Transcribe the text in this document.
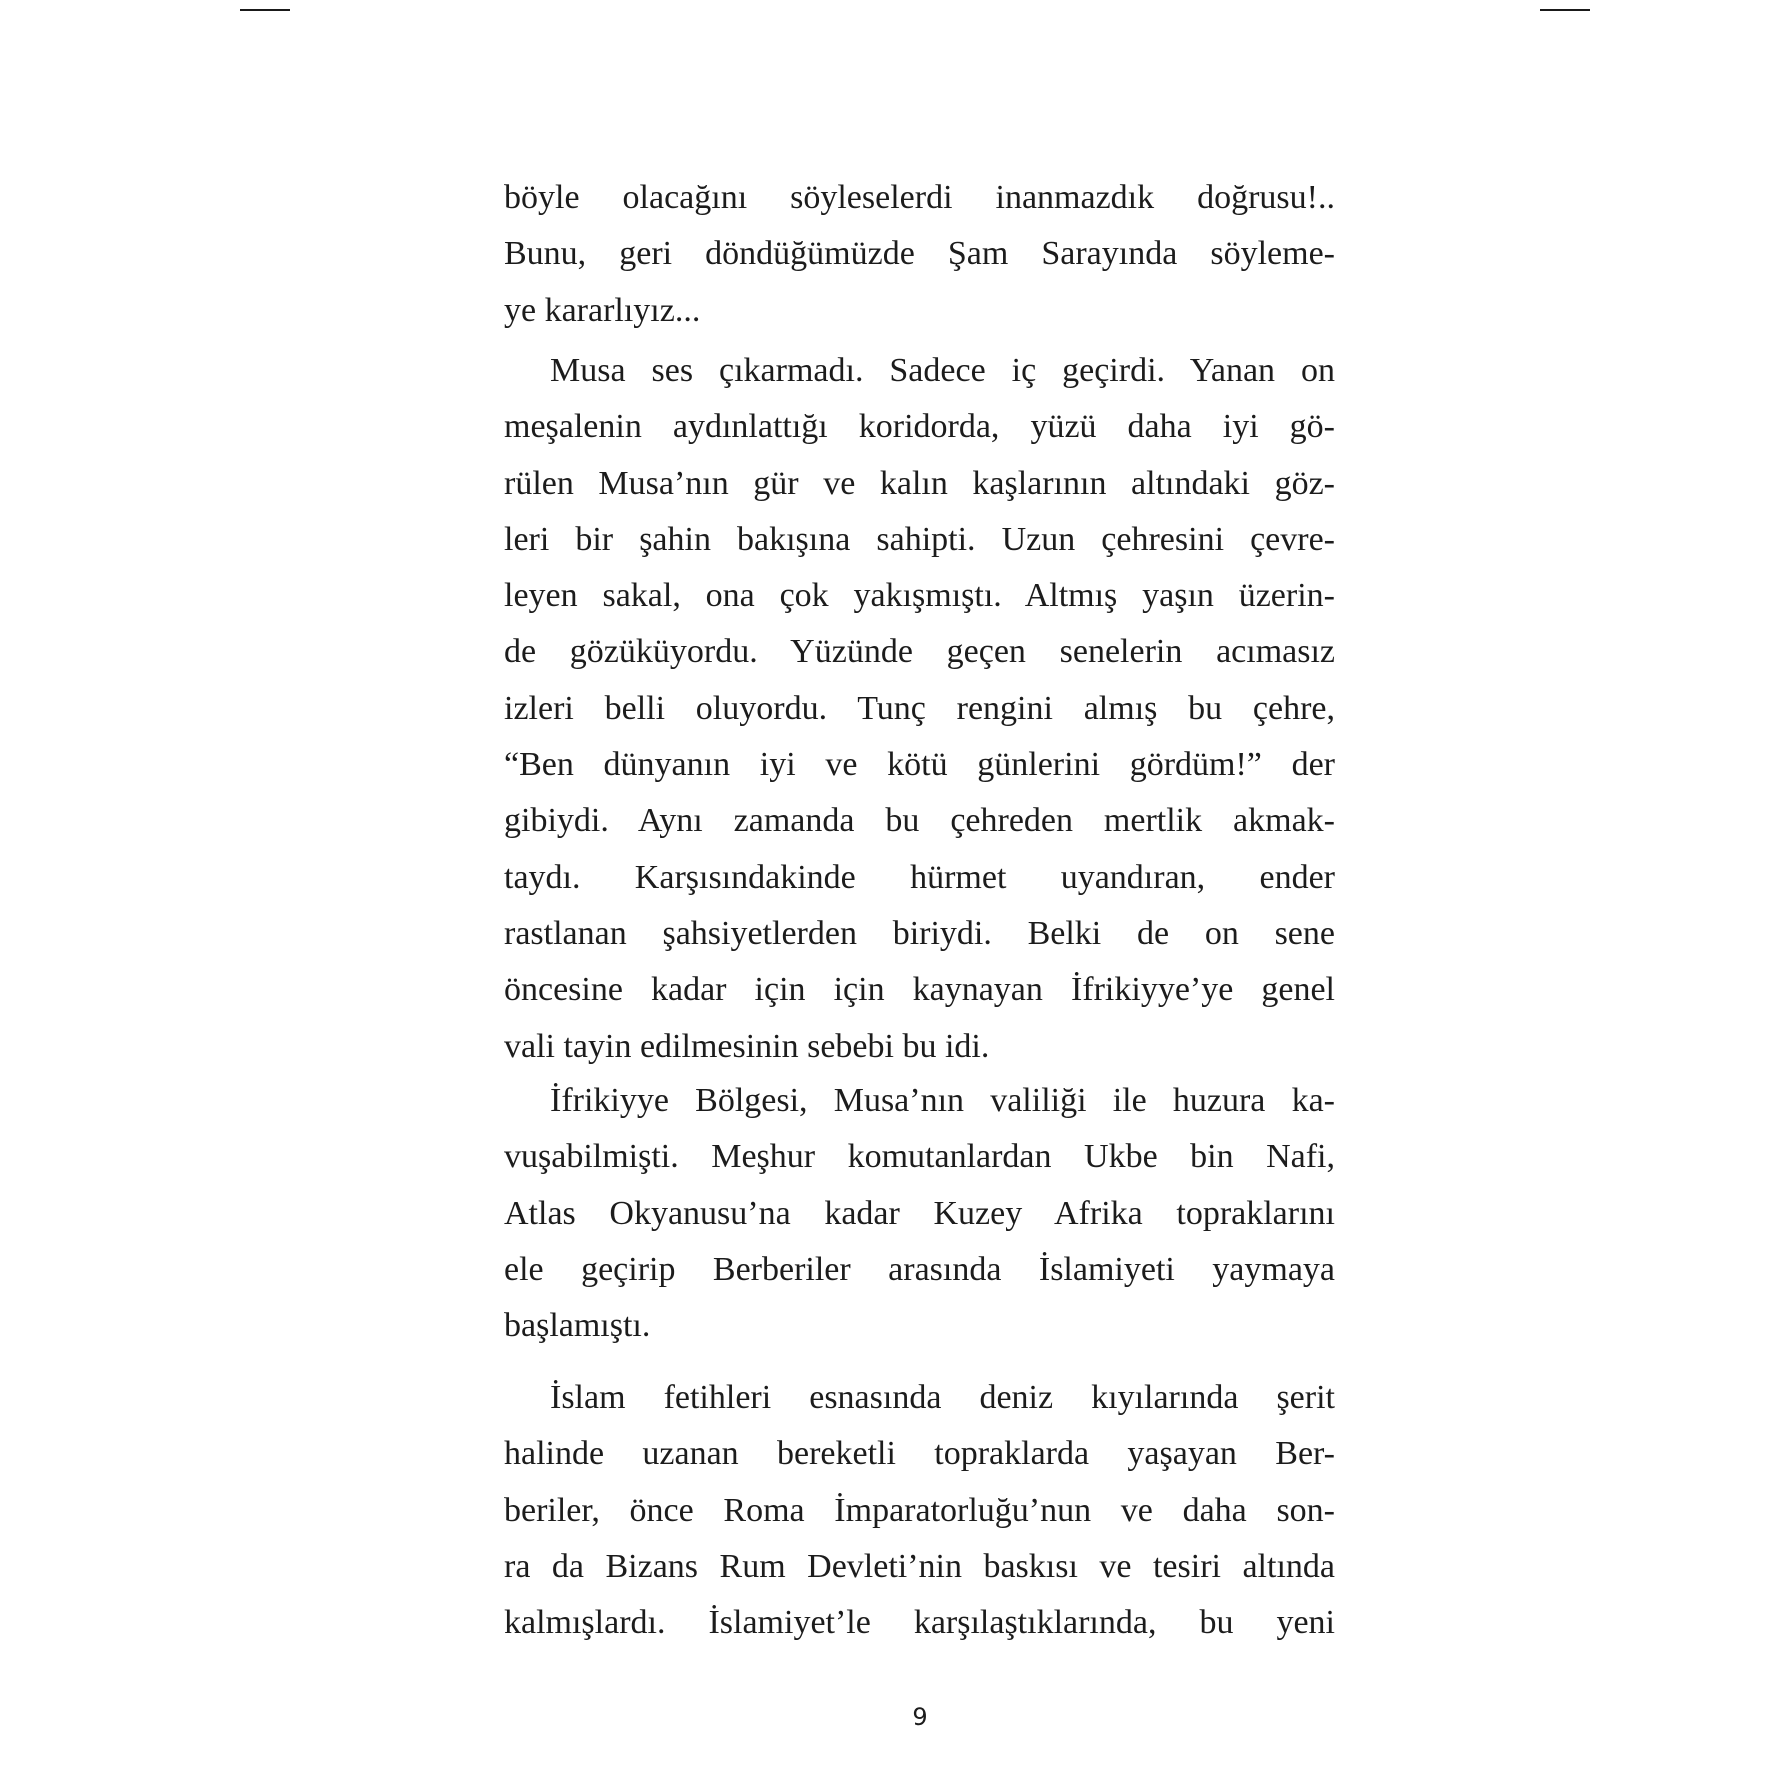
böyle olacağını söyleselerdi inanmazdık doğrusu!..
Bunu, geri döndüğümüzde Şam Sarayında söyleme-
ye kararlıyız...
Musa ses çıkarmadı. Sadece iç geçirdi. Yanan on
meşalenin aydınlattığı koridorda, yüzü daha iyi gö-
rülen Musa’nın gür ve kalın kaşlarının altındaki göz-
leri bir şahin bakışına sahipti. Uzun çehresini çevre-
leyen sakal, ona çok yakışmıştı. Altmış yaşın üzerin-
de gözüküyordu. Yüzünde geçen senelerin acımasız
izleri belli oluyordu. Tunç rengini almış bu çehre,
“Ben dünyanın iyi ve kötü günlerini gördüm!” der
gibiydi. Aynı zamanda bu çehreden mertlik akmak-
taydı. Karşısındakinde hürmet uyandıran, ender
rastlanan şahsiyetlerden biriydi. Belki de on sene
öncesine kadar için için kaynayan İfrikiyye’ye genel
vali tayin edilmesinin sebebi bu idi.
İfrikiyye Bölgesi, Musa’nın valiliği ile huzura ka-
vuşabilmişti. Meşhur komutanlardan Ukbe bin Nafi,
Atlas Okyanusu’na kadar Kuzey Afrika topraklarını
ele geçirip Berberiler arasında İslamiyeti yaymaya
başlamıştı.
İslam fetihleri esnasında deniz kıyılarında şerit
halinde uzanan bereketli topraklarda yaşayan Ber-
beriler, önce Roma İmparatorluğu’nun ve daha son-
ra da Bizans Rum Devleti’nin baskısı ve tesiri altında
kalmışlardı. İslamiyet’le karşılaştıklarında, bu yeni
9
